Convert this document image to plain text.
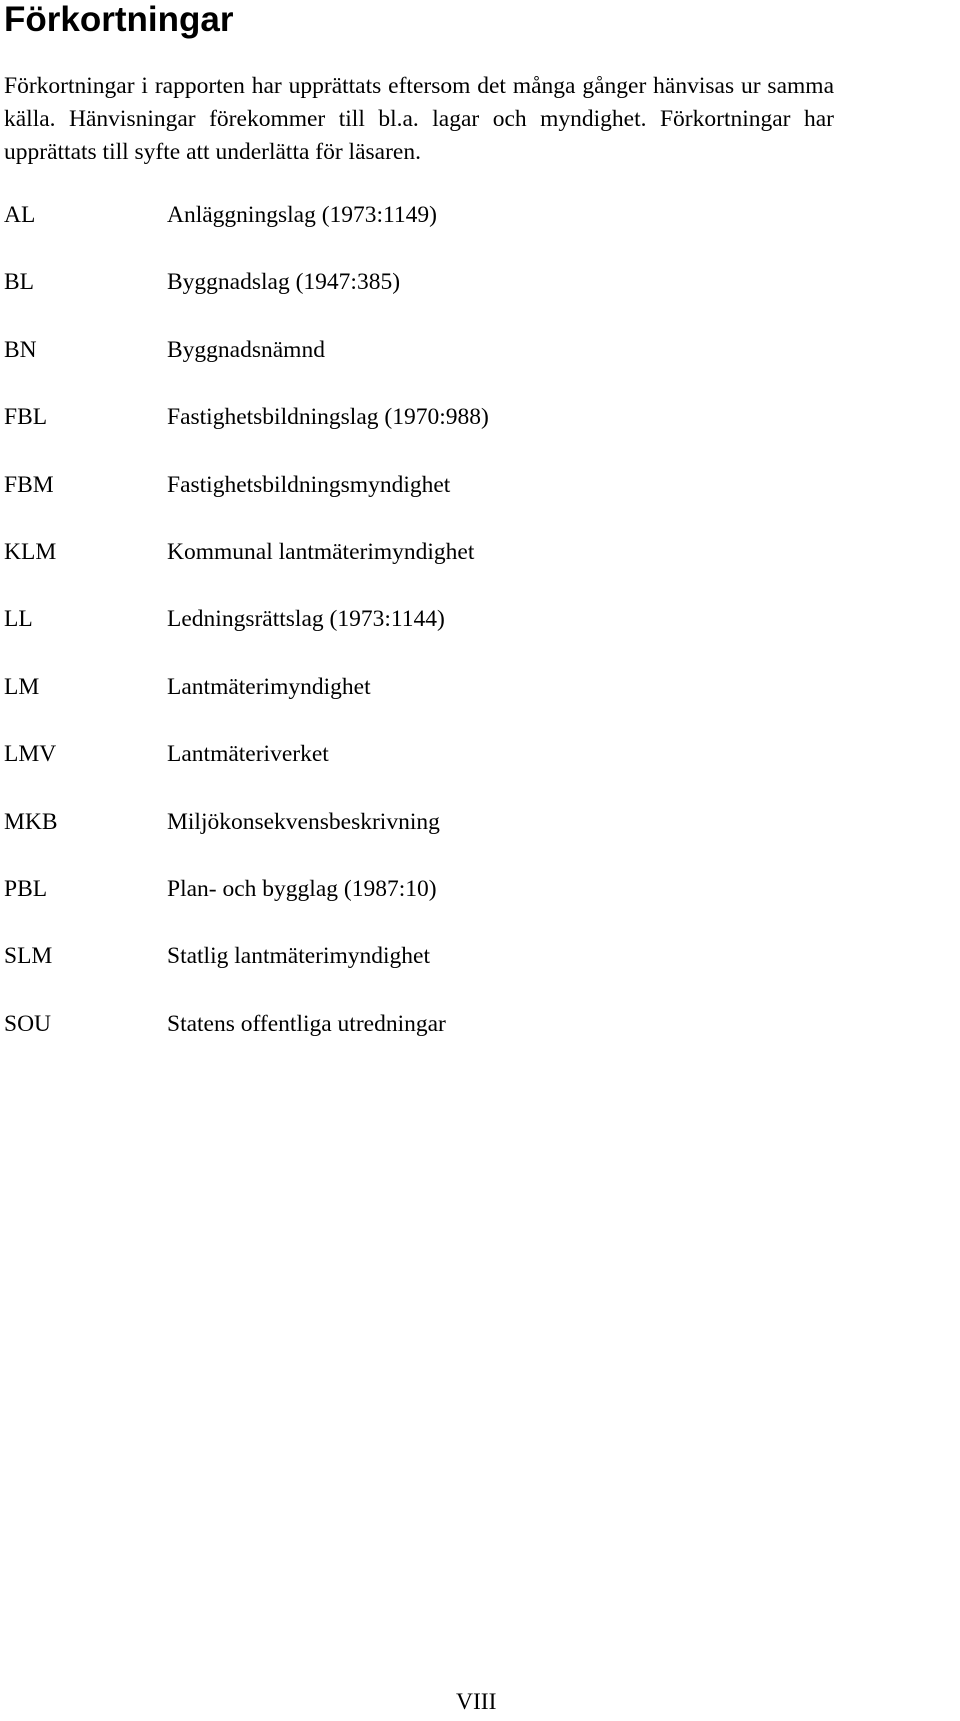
Förkortningar

Förkortningar i rapporten har upprättats eftersom det många gånger hänvisas ur samma källa. Hänvisningar förekommer till bl.a. lagar och myndighet. Förkortningar har upprättats till syfte att underlätta för läsaren.

AL	Anläggningslag (1973:1149)
BL	Byggnadslag (1947:385)
BN	Byggnadsnämnd
FBL	Fastighetsbildningslag (1970:988)
FBM	Fastighetsbildningsmyndighet
KLM	Kommunal lantmäterimyndighet
LL	Ledningsrättslag (1973:1144)
LM	Lantmäterimyndighet
LMV	Lantmäteriverket
MKB	Miljökonsekvensbeskrivning
PBL	Plan- och bygglag (1987:10)
SLM	Statlig lantmäterimyndighet
SOU	Statens offentliga utredningar
VIII
